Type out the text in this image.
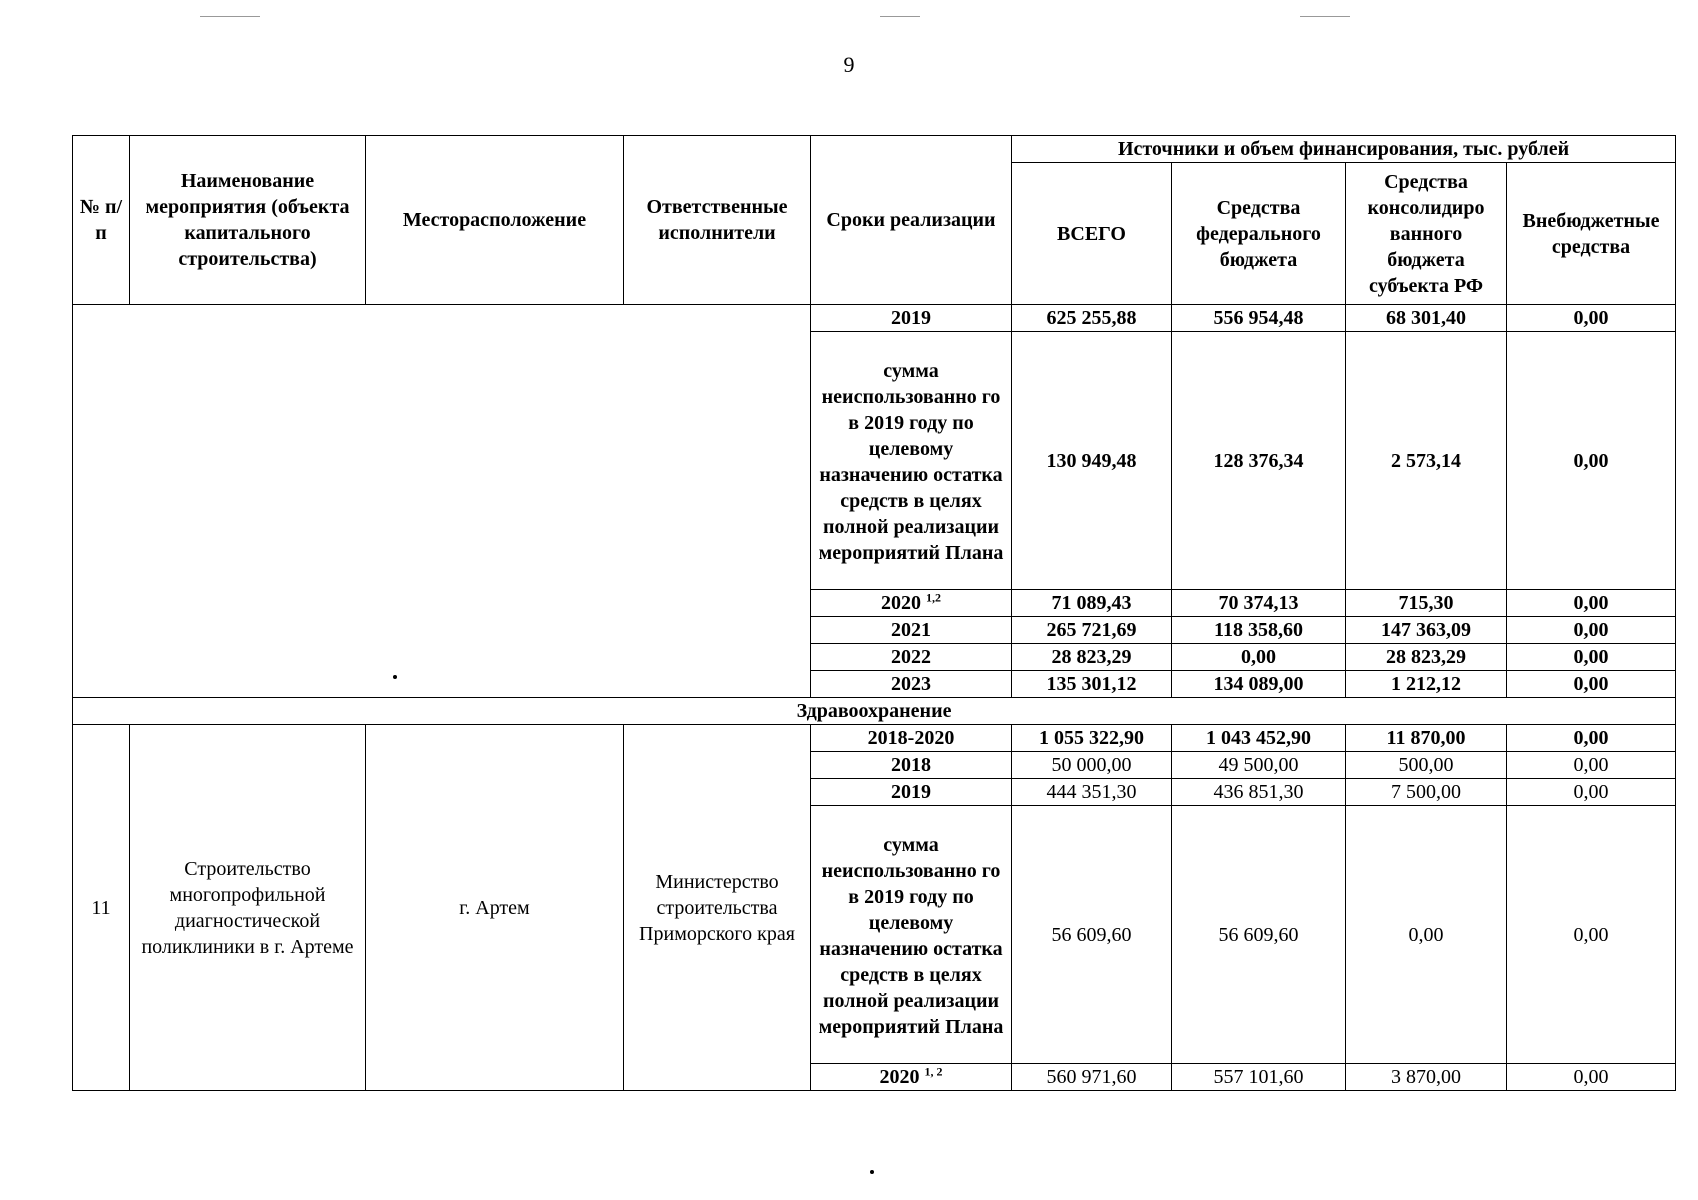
9
№ п/п	Наименование мероприятия (объекта капитального строительства)	Месторасположение	Ответственные исполнители	Сроки реализации	Источники и объем финансирования, тыс. рублей			
					ВСЕГО	Средства федерального бюджета	Средства консолидиро ванного бюджета субъекта РФ	Внебюджетные средства
				2019	625 255,88	556 954,48	68 301,40	0,00
				сумма неиспользованно го в 2019 году по целевому назначению остатка средств в целях полной реализации мероприятий Плана	130 949,48	128 376,34	2 573,14	0,00
				2020 $^{1,2}$	71 089,43	70 374,13	715,30	0,00
				2021	265 721,69	118 358,60	147 363,09	0,00
				2022	28 823,29	0,00	28 823,29	0,00
				2023	135 301,12	134 089,00	1 212,12	0,00
Здравоохранение								
11	Строительство многопрофильной диагностической поликлиники в г. Артеме	г. Артем	Министерство строительства Приморского края	2018-2020	1 055 322,90	1 043 452,90	11 870,00	0,00
				2018	50 000,00	49 500,00	500,00	0,00
				2019	444 351,30	436 851,30	7 500,00	0,00
				сумма неиспользованно го в 2019 году по целевому назначению остатка средств в целях полной реализации мероприятий Плана	56 609,60	56 609,60	0,00	0,00
				2020 $^{1, 2}$	560 971,60	557 101,60	3 870,00	0,00
